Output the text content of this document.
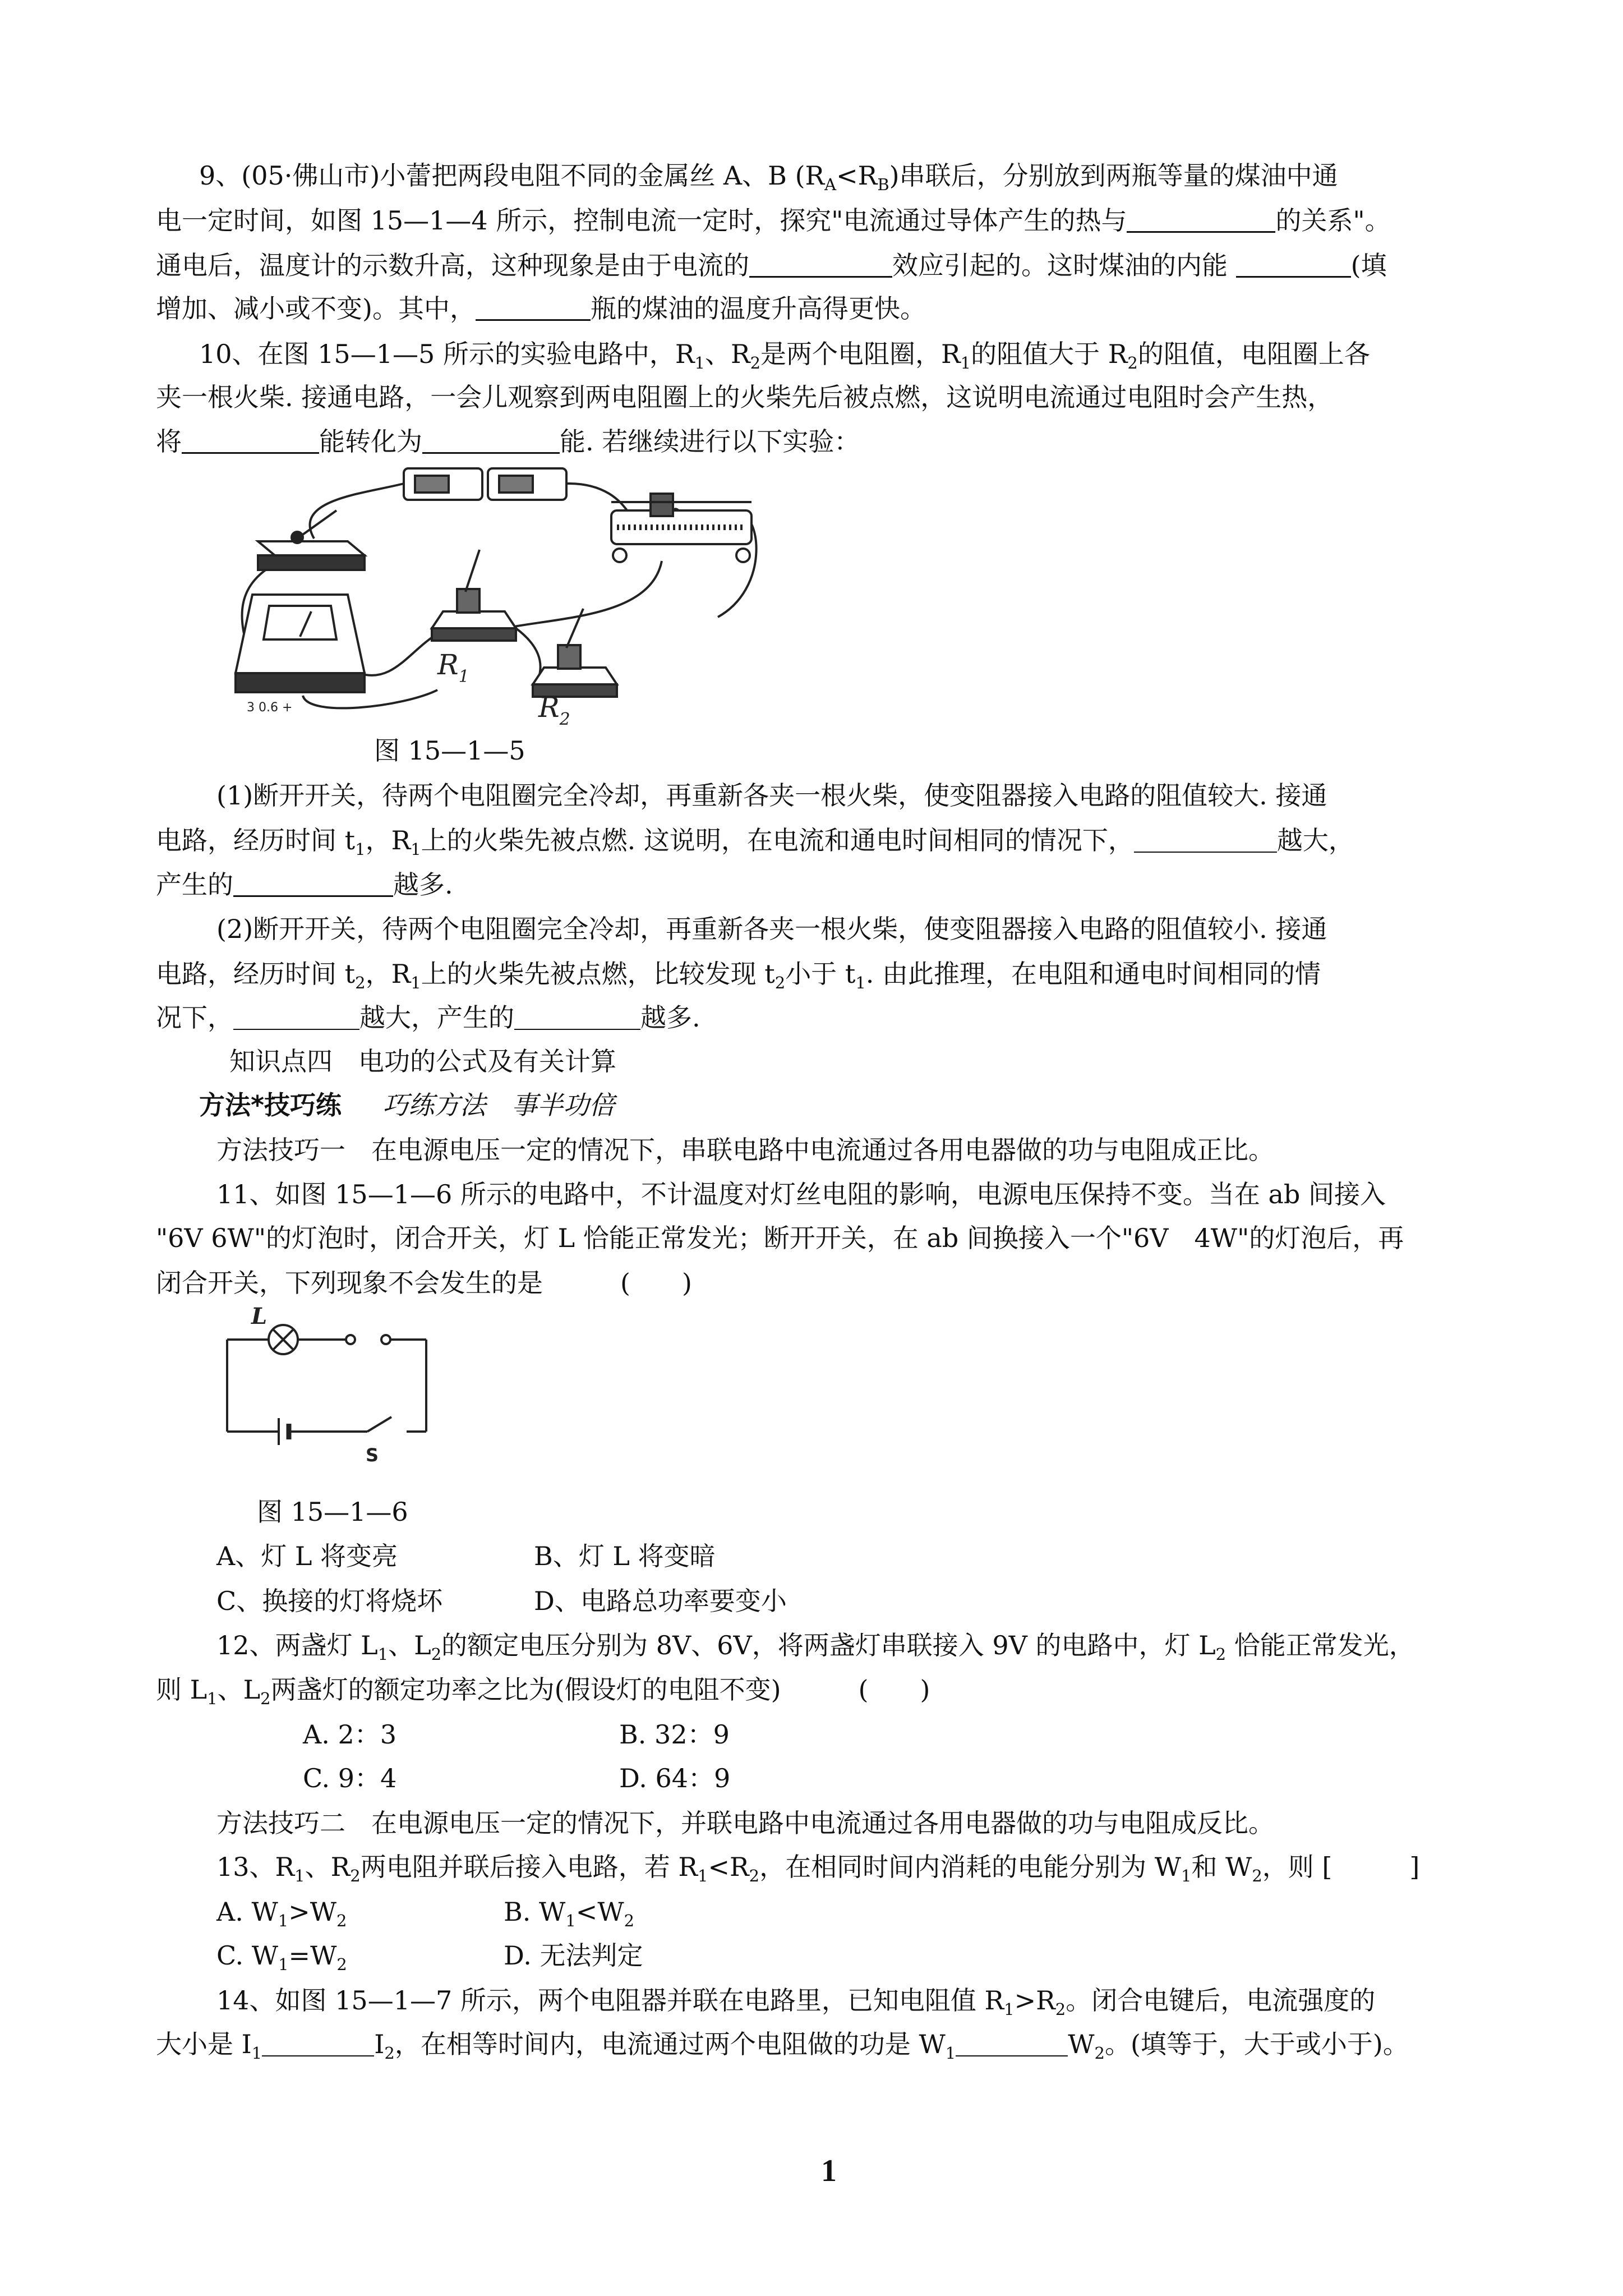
9、(05·佛山市)小蕾把两段电阻不同的金属丝 A、B $(R_A<R_B)$串联后，分别放到两瓶等量的煤油中通
电一定时间，如图 15—1—4 所示，控制电流一定时，探究"电流通过导体产生的热与	的关系"。
通电后，温度计的示数升高，这种现象是由于电流的	效应引起的。这时煤油的内能	(填
增加、减小或不变)。其中，	瓶的煤油的温度升高得更快。
10、在图 15—1—5 所示的实验电路中，$R_1$、$R_2$是两个电阻圈，$R_1$的阻值大于 $R_2$的阻值，电阻圈上各
夹一根火柴. 接通电路，一会儿观察到两电阻圈上的火柴先后被点燃，这说明电流通过电阻时会产生热，
将	能转化为	能. 若继续进行以下实验：
3 0.6 +
$R_1$
$R_2$
图 15—1—5
(1)断开开关，待两个电阻圈完全冷却，再重新各夹一根火柴，使变阻器接入电路的阻值较大. 接通
电路，经历时间 $t_1$，$R_1$上的火柴先被点燃. 这说明，在电流和通电时间相同的情况下，	越大，
产生的	越多.
(2)断开开关，待两个电阻圈完全冷却，再重新各夹一根火柴，使变阻器接入电路的阻值较小. 接通
电路，经历时间 $t_2$，$R_1$上的火柴先被点燃，比较发现 $t_2$小于 $t_1$. 由此推理，在电阻和通电时间相同的情
况下，	越大，产生的	越多.
知识点四　电功的公式及有关计算
方法*技巧练 巧练方法　事半功倍
方法技巧一　在电源电压一定的情况下，串联电路中电流通过各用电器做的功与电阻成正比。
11、如图 15—1—6 所示的电路中，不计温度对灯丝电阻的影响，电源电压保持不变。当在 ab 间接入
"6V 6W"的灯泡时，闭合开关，灯 L 恰能正常发光；断开开关，在 ab 间换接入一个"6V　4W"的灯泡后，再
闭合开关，下列现象不会发生的是　　　(　　)
L
S
图 15—1—6
A、灯 L 将变亮	B、灯 L 将变暗
C、换接的灯将烧坏	D、电路总功率要变小
12、两盏灯 $L_1$、$L_2$的额定电压分别为 8V、6V，将两盏灯串联接入 9V 的电路中，灯 $L_2$ 恰能正常发光，
则 $L_1$、$L_2$两盏灯的额定功率之比为(假设灯的电阻不变)　　　(　　)
A. 2：3	B. 32：9
C. 9：4	D. 64：9
方法技巧二　在电源电压一定的情况下，并联电路中电流通过各用电器做的功与电阻成反比。
13、$R_1$、$R_2$两电阻并联后接入电路，若 $R_1<R_2$，在相同时间内消耗的电能分别为 $W_1$和 $W_2$，则 [　　　]
A. $W_1>W_2$	B. $W_1<W_2$
C. $W_1=W_2$	D. 无法判定
14、如图 15—1—7 所示，两个电阻器并联在电路里，已知电阻值 $R_1>R_2$。闭合电键后，电流强度的
大小是 $I_1$	$I_2$，在相等时间内，电流通过两个电阻做的功是 $W_1$	$W_2$。(填等于，大于或小于)。
1
